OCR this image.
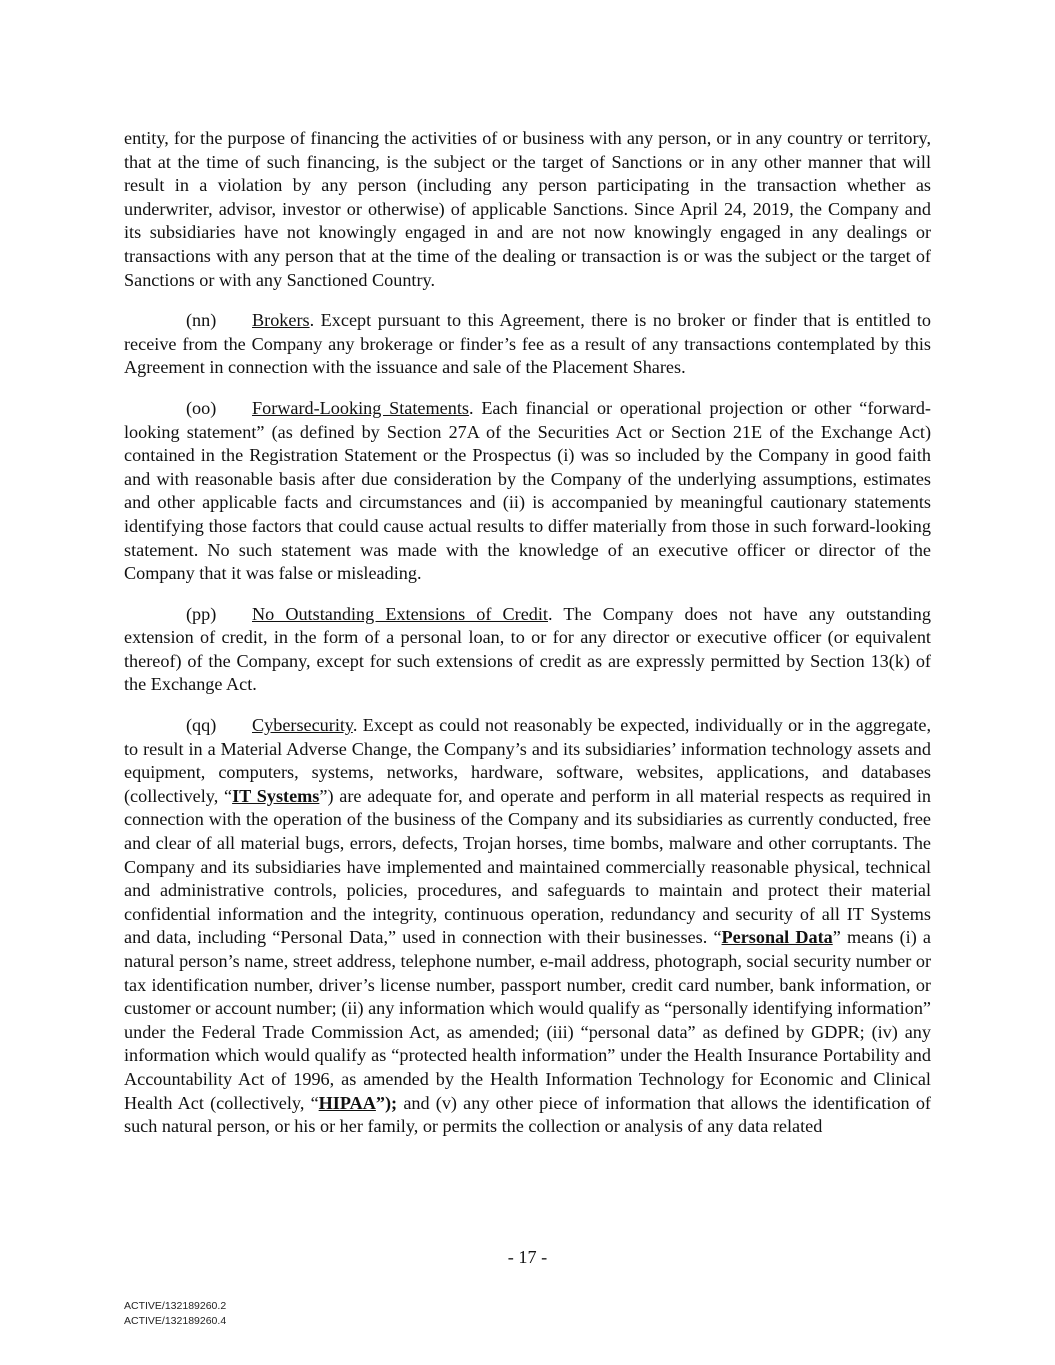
entity, for the purpose of financing the activities of or business with any person, or in any country or territory, that at the time of such financing, is the subject or the target of Sanctions or in any other manner that will result in a violation by any person (including any person participating in the transaction whether as underwriter, advisor, investor or otherwise) of applicable Sanctions. Since April 24, 2019, the Company and its subsidiaries have not knowingly engaged in and are not now knowingly engaged in any dealings or transactions with any person that at the time of the dealing or transaction is or was the subject or the target of Sanctions or with any Sanctioned Country.

(nn) Brokers. Except pursuant to this Agreement, there is no broker or finder that is entitled to receive from the Company any brokerage or finder’s fee as a result of any transactions contemplated by this Agreement in connection with the issuance and sale of the Placement Shares.

(oo) Forward-Looking Statements. Each financial or operational projection or other “forward-looking statement” (as defined by Section 27A of the Securities Act or Section 21E of the Exchange Act) contained in the Registration Statement or the Prospectus (i) was so included by the Company in good faith and with reasonable basis after due consideration by the Company of the underlying assumptions, estimates and other applicable facts and circumstances and (ii) is accompanied by meaningful cautionary statements identifying those factors that could cause actual results to differ materially from those in such forward-looking statement. No such statement was made with the knowledge of an executive officer or director of the Company that it was false or misleading.

(pp) No Outstanding Extensions of Credit. The Company does not have any outstanding extension of credit, in the form of a personal loan, to or for any director or executive officer (or equivalent thereof) of the Company, except for such extensions of credit as are expressly permitted by Section 13(k) of the Exchange Act.

(qq) Cybersecurity. Except as could not reasonably be expected, individually or in the aggregate, to result in a Material Adverse Change, the Company’s and its subsidiaries’ information technology assets and equipment, computers, systems, networks, hardware, software, websites, applications, and databases (collectively, “IT Systems”) are adequate for, and operate and perform in all material respects as required in connection with the operation of the business of the Company and its subsidiaries as currently conducted, free and clear of all material bugs, errors, defects, Trojan horses, time bombs, malware and other corruptants. The Company and its subsidiaries have implemented and maintained commercially reasonable physical, technical and administrative controls, policies, procedures, and safeguards to maintain and protect their material confidential information and the integrity, continuous operation, redundancy and security of all IT Systems and data, including “Personal Data,” used in connection with their businesses. “Personal Data” means (i) a natural person’s name, street address, telephone number, e-mail address, photograph, social security number or tax identification number, driver’s license number, passport number, credit card number, bank information, or customer or account number; (ii) any information which would qualify as “personally identifying information” under the Federal Trade Commission Act, as amended; (iii) “personal data” as defined by GDPR; (iv) any information which would qualify as “protected health information” under the Health Insurance Portability and Accountability Act of 1996, as amended by the Health Information Technology for Economic and Clinical Health Act (collectively, “HIPAA”); and (v) any other piece of information that allows the identification of such natural person, or his or her family, or permits the collection or analysis of any data related

- 17 -
ACTIVE/132189260.2
ACTIVE/132189260.4
